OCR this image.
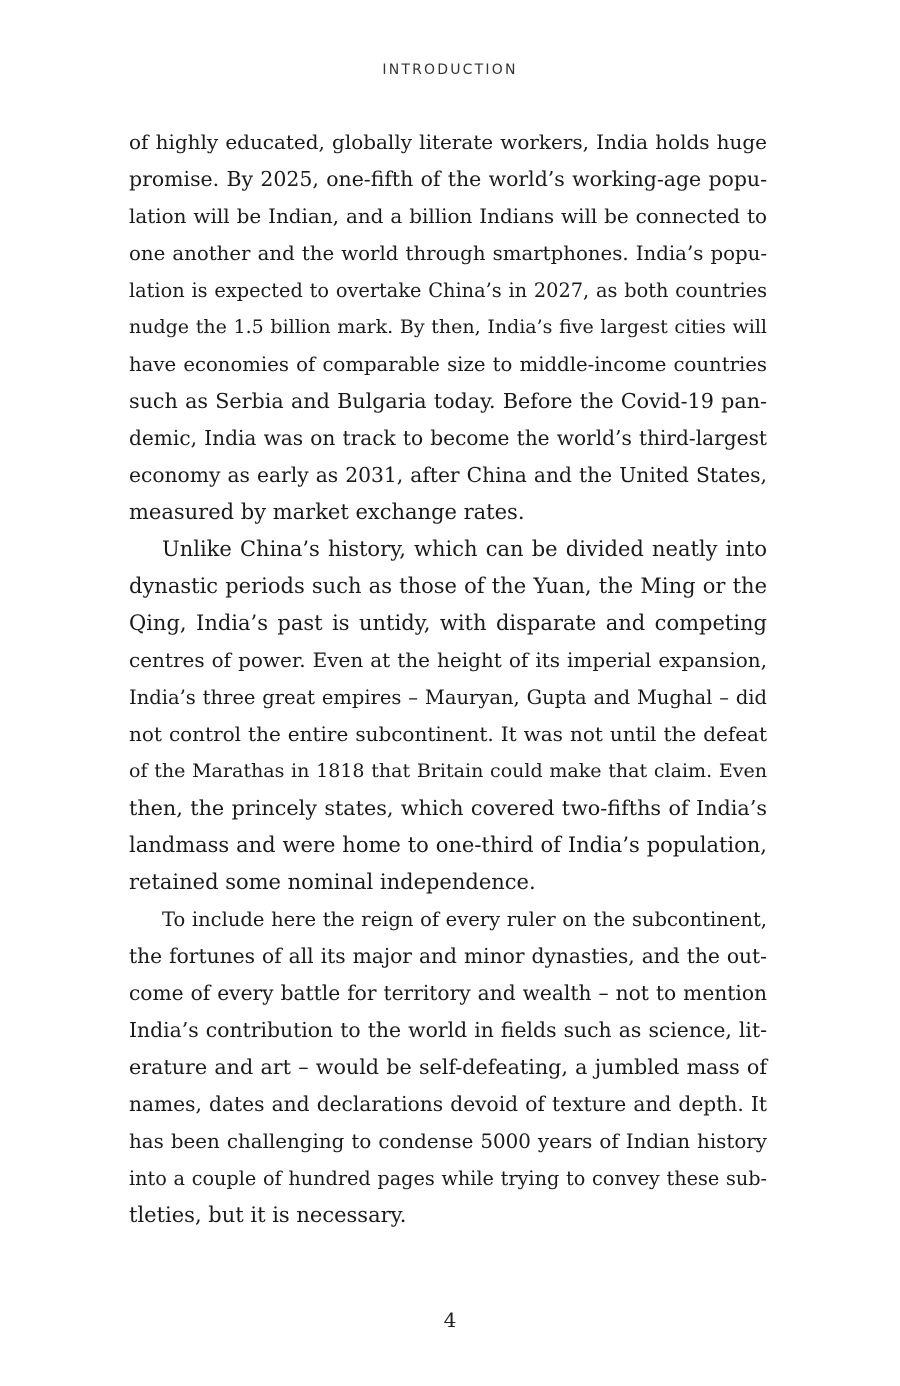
INTRODUCTION
of highly educated, globally literate workers, India holds huge
promise. By 2025, one-fifth of the world’s working-age popu-
lation will be Indian, and a billion Indians will be connected to
one another and the world through smartphones. India’s popu-
lation is expected to overtake China’s in 2027, as both countries
nudge the 1.5 billion mark. By then, India’s five largest cities will
have economies of comparable size to middle-income countries
such as Serbia and Bulgaria today. Before the Covid-19 pan-
demic, India was on track to become the world’s third-largest
economy as early as 2031, after China and the United States,
measured by market exchange rates.
Unlike China’s history, which can be divided neatly into
dynastic periods such as those of the Yuan, the Ming or the
Qing, India’s past is untidy, with disparate and competing
centres of power. Even at the height of its imperial expansion,
India’s three great empires – Mauryan, Gupta and Mughal – did
not control the entire subcontinent. It was not until the defeat
of the Marathas in 1818 that Britain could make that claim. Even
then, the princely states, which covered two-fifths of India’s
landmass and were home to one-third of India’s population,
retained some nominal independence.
To include here the reign of every ruler on the subcontinent,
the fortunes of all its major and minor dynasties, and the out-
come of every battle for territory and wealth – not to mention
India’s contribution to the world in fields such as science, lit-
erature and art – would be self-defeating, a jumbled mass of
names, dates and declarations devoid of texture and depth. It
has been challenging to condense 5000 years of Indian history
into a couple of hundred pages while trying to convey these sub-
tleties, but it is necessary.
4
